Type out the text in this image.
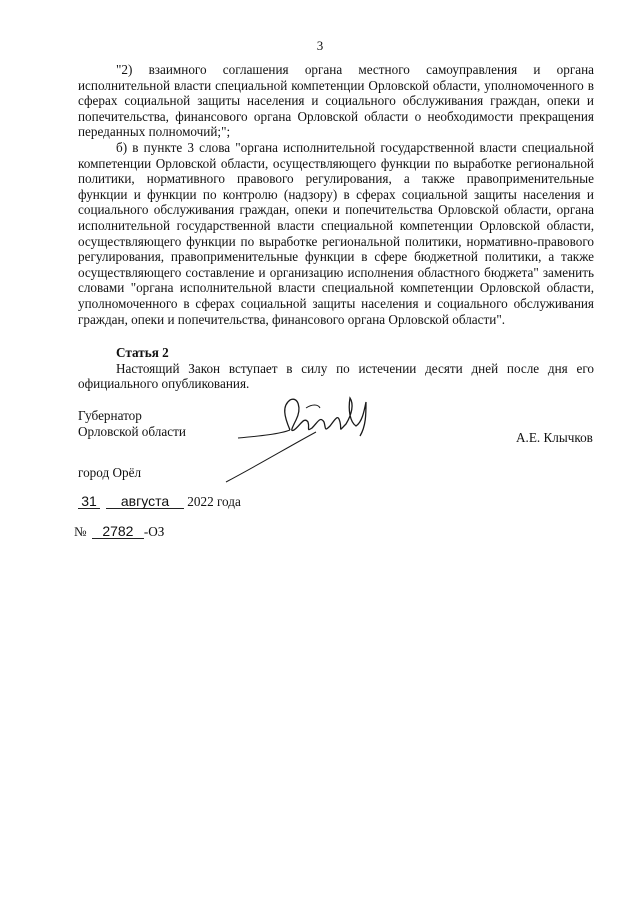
3

"2) взаимного соглашения органа местного самоуправления и органа исполнительной власти специальной компетенции Орловской области, уполномоченного в сферах социальной защиты населения и социального обслуживания граждан, опеки и попечительства, финансового органа Орловской области о необходимости прекращения переданных полномочий;";

б) в пункте 3 слова "органа исполнительной государственной власти специальной компетенции Орловской области, осуществляющего функции по выработке региональной политики, нормативного правового регулирования, а также правоприменительные функции и функции по контролю (надзору) в сферах социальной защиты населения и социального обслуживания граждан, опеки и попечительства Орловской области, органа исполнительной государственной власти специальной компетенции Орловской области, осуществляющего функции по выработке региональной политики, нормативно-правового регулирования, правоприменительные функции в сфере бюджетной политики, а также осуществляющего составление и организацию исполнения областного бюджета" заменить словами "органа исполнительной власти специальной компетенции Орловской области, уполномоченного в сферах социальной защиты населения и социального обслуживания граждан, опеки и попечительства, финансового органа Орловской области".

Статья 2

Настоящий Закон вступает в силу по истечении десяти дней после дня его официального опубликования.

Губернатор
Орловской области	А.Е. Клычков
город Орёл
31 августа 2022 года
№ 2782 -ОЗ
